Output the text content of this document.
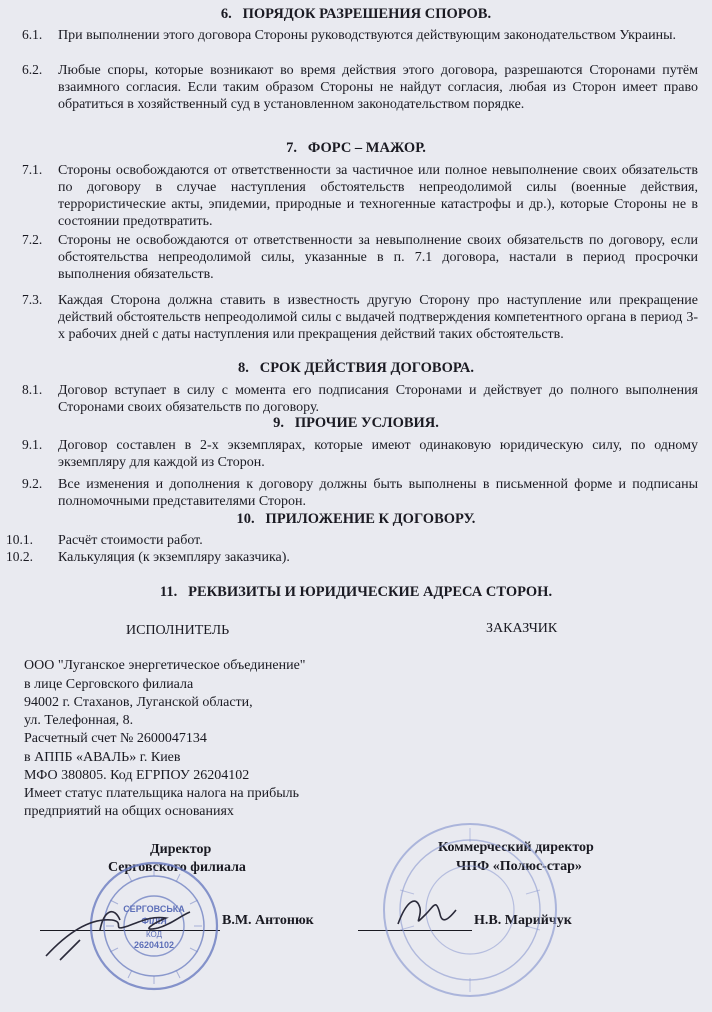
6. ПОРЯДОК РАЗРЕШЕНИЯ СПОРОВ.
6.1. При выполнении этого договора Стороны руководствуются действующим законодательством Украины.
6.2. Любые споры, которые возникают во время действия этого договора, разрешаются Сторонами путём взаимного согласия. Если таким образом Стороны не найдут согласия, любая из Сторон имеет право обратиться в хозяйственный суд в установленном законодательством порядке.
7. ФОРС – МАЖОР.
7.1. Стороны освобождаются от ответственности за частичное или полное невыполнение своих обязательств по договору в случае наступления обстоятельств непреодолимой силы (военные действия, террористические акты, эпидемии, природные и техногенные катастрофы и др.), которые Стороны не в состоянии предотвратить.
7.2. Стороны не освобождаются от ответственности за невыполнение своих обязательств по договору, если обстоятельства непреодолимой силы, указанные в п. 7.1 договора, настали в период просрочки выполнения обязательств.
7.3. Каждая Сторона должна ставить в известность другую Сторону про наступление или прекращение действий обстоятельств непреодолимой силы с выдачей подтверждения компетентного органа в период 3-х рабочих дней с даты наступления или прекращения действий таких обстоятельств.
8. СРОК ДЕЙСТВИЯ ДОГОВОРА.
8.1. Договор вступает в силу с момента его подписания Сторонами и действует до полного выполнения Сторонами своих обязательств по договору.
9. ПРОЧИЕ УСЛОВИЯ.
9.1. Договор составлен в 2-х экземплярах, которые имеют одинаковую юридическую силу, по одному экземпляру для каждой из Сторон.
9.2. Все изменения и дополнения к договору должны быть выполнены в письменной форме и подписаны полномочными представителями Сторон.
10. ПРИЛОЖЕНИЕ К ДОГОВОРУ.
10.1. Расчёт стоимости работ.
10.2. Калькуляция (к экземпляру заказчика).
11. РЕКВИЗИТЫ И ЮРИДИЧЕСКИЕ АДРЕСА СТОРОН.
ИСПОЛНИТЕЛЬ	ЗАКАЗЧИК
ООО "Луганское энергетическое объединение"
в лице Серговского филиала
94002 г. Стаханов, Луганской области,
ул. Телефонная, 8.
Расчетный счет № 2600047134
в АППБ «АВАЛЬ» г. Киев
МФО 380805. Код ЕГРПОУ 26204102
Имеет статус плательщика налога на прибыль
предприятий на общих основаниях
Директор
Серговского филиала
Коммерческий директор
ЧПФ «Полюс-стар»
В.М. Антонюк	Н.В. Марийчук
СЕРГОВСЬКА
ФІЛІЯ
КОД
26204102
